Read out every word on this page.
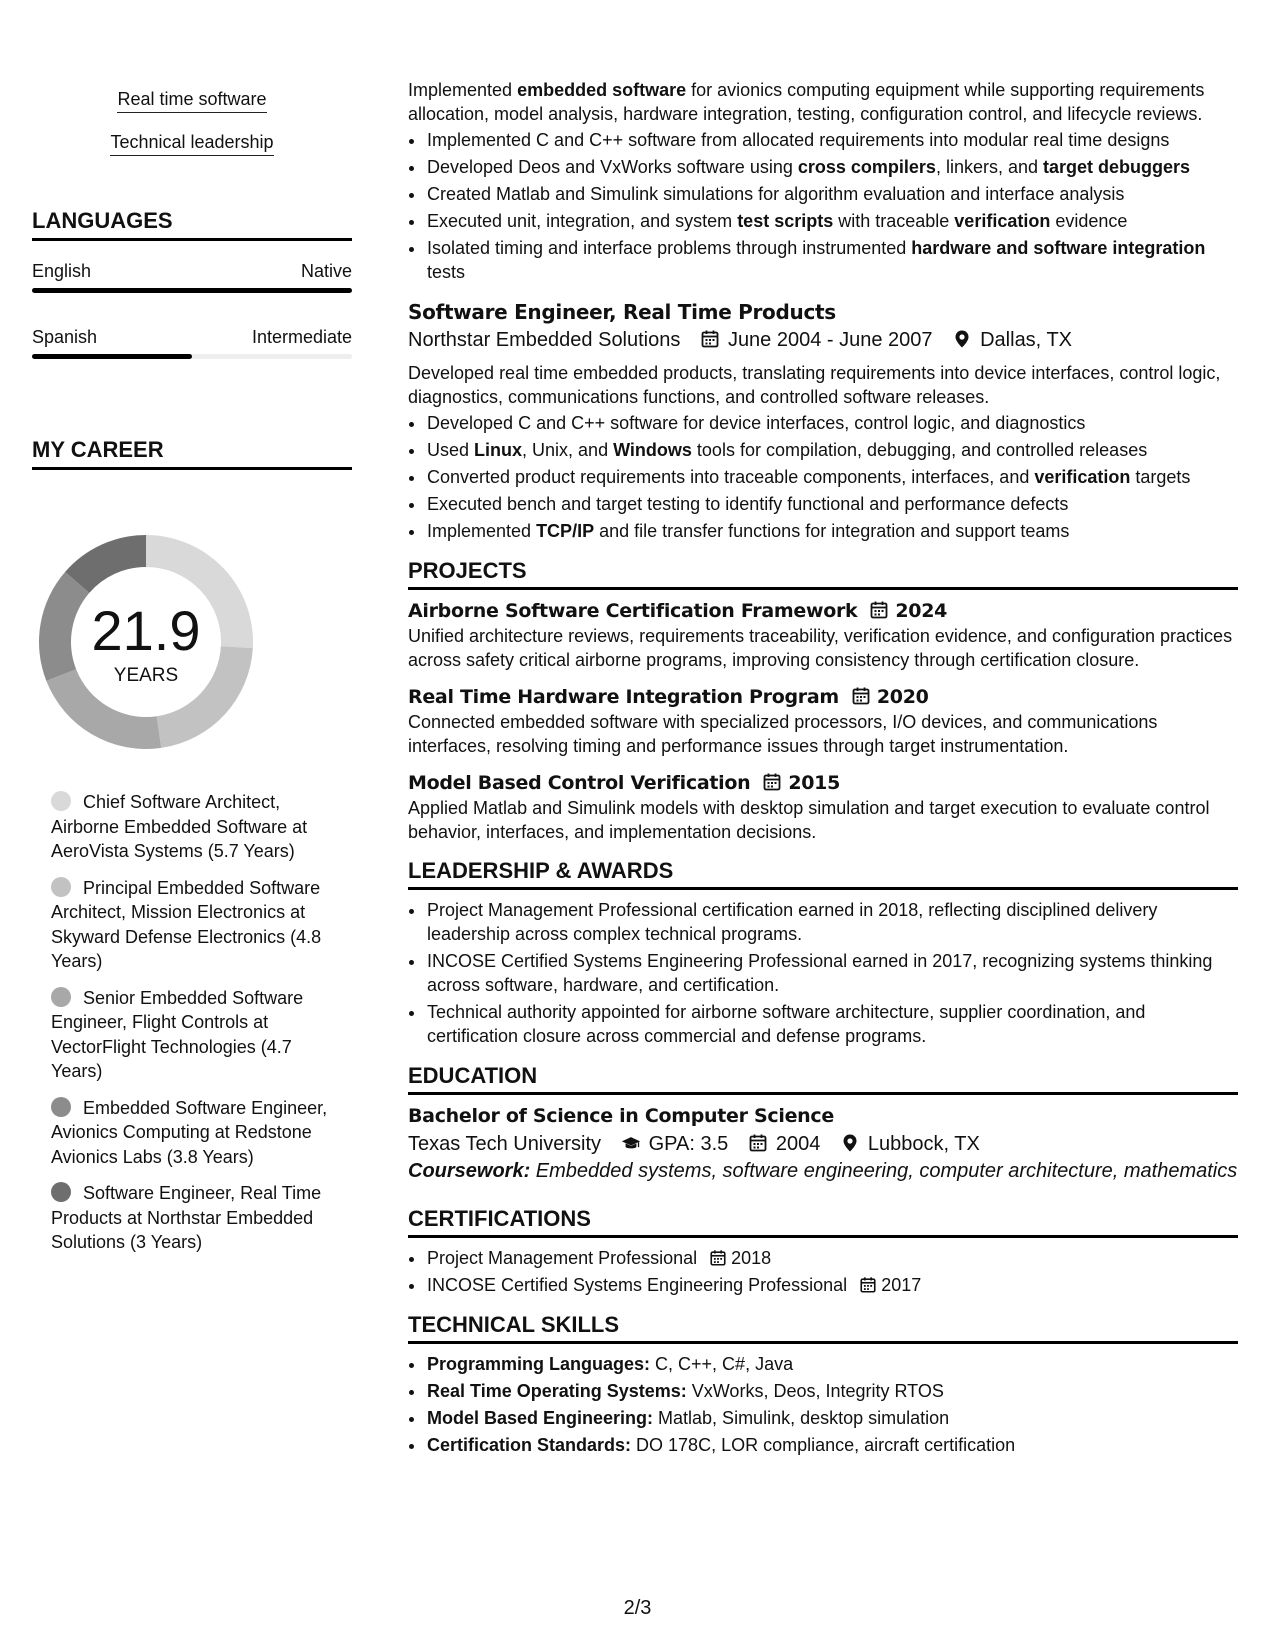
Real time software
Technical leadership
LANGUAGES
English	Native
Spanish	Intermediate
MY CAREER
21.9
YEARS
Chief Software Architect, Airborne Embedded Software at AeroVista Systems (5.7 Years)
Principal Embedded Software Architect, Mission Electronics at Skyward Defense Electronics (4.8 Years)
Senior Embedded Software Engineer, Flight Controls at VectorFlight Technologies (4.7 Years)
Embedded Software Engineer, Avionics Computing at Redstone Avionics Labs (3.8 Years)
Software Engineer, Real Time Products at Northstar Embedded Solutions (3 Years)

Implemented embedded software for avionics computing equipment while supporting requirements allocation, model analysis, hardware integration, testing, configuration control, and lifecycle reviews.

• Implemented C and C++ software from allocated requirements into modular real time designs
• Developed Deos and VxWorks software using cross compilers, linkers, and target debuggers
• Created Matlab and Simulink simulations for algorithm evaluation and interface analysis
• Executed unit, integration, and system test scripts with traceable verification evidence
• Isolated timing and interface problems through instrumented hardware and software integration tests
Software Engineer, Real Time Products
Northstar Embedded Solutions June 2004 - June 2007 Dallas, TX

Developed real time embedded products, translating requirements into device interfaces, control logic, diagnostics, communications functions, and controlled software releases.

• Developed C and C++ software for device interfaces, control logic, and diagnostics
• Used Linux, Unix, and Windows tools for compilation, debugging, and controlled releases
• Converted product requirements into traceable components, interfaces, and verification targets
• Executed bench and target testing to identify functional and performance defects
• Implemented TCP/IP and file transfer functions for integration and support teams
PROJECTS
Airborne Software Certification Framework 2024

Unified architecture reviews, requirements traceability, verification evidence, and configuration practices across safety critical airborne programs, improving consistency through certification closure.

Real Time Hardware Integration Program 2020

Connected embedded software with specialized processors, I/O devices, and communications interfaces, resolving timing and performance issues through target instrumentation.

Model Based Control Verification 2015

Applied Matlab and Simulink models with desktop simulation and target execution to evaluate control behavior, interfaces, and implementation decisions.

LEADERSHIP & AWARDS
• Project Management Professional certification earned in 2018, reflecting disciplined delivery leadership across complex technical programs.
• INCOSE Certified Systems Engineering Professional earned in 2017, recognizing systems thinking across software, hardware, and certification.
• Technical authority appointed for airborne software architecture, supplier coordination, and certification closure across commercial and defense programs.
EDUCATION
Bachelor of Science in Computer Science
Texas Tech University GPA: 3.5 2004 Lubbock, TX
Coursework: Embedded systems, software engineering, computer architecture, mathematics
CERTIFICATIONS
• Project Management Professional 2018
• INCOSE Certified Systems Engineering Professional 2017
TECHNICAL SKILLS
• Programming Languages: C, C++, C#, Java
• Real Time Operating Systems: VxWorks, Deos, Integrity RTOS
• Model Based Engineering: Matlab, Simulink, desktop simulation
• Certification Standards: DO 178C, LOR compliance, aircraft certification
2/3
